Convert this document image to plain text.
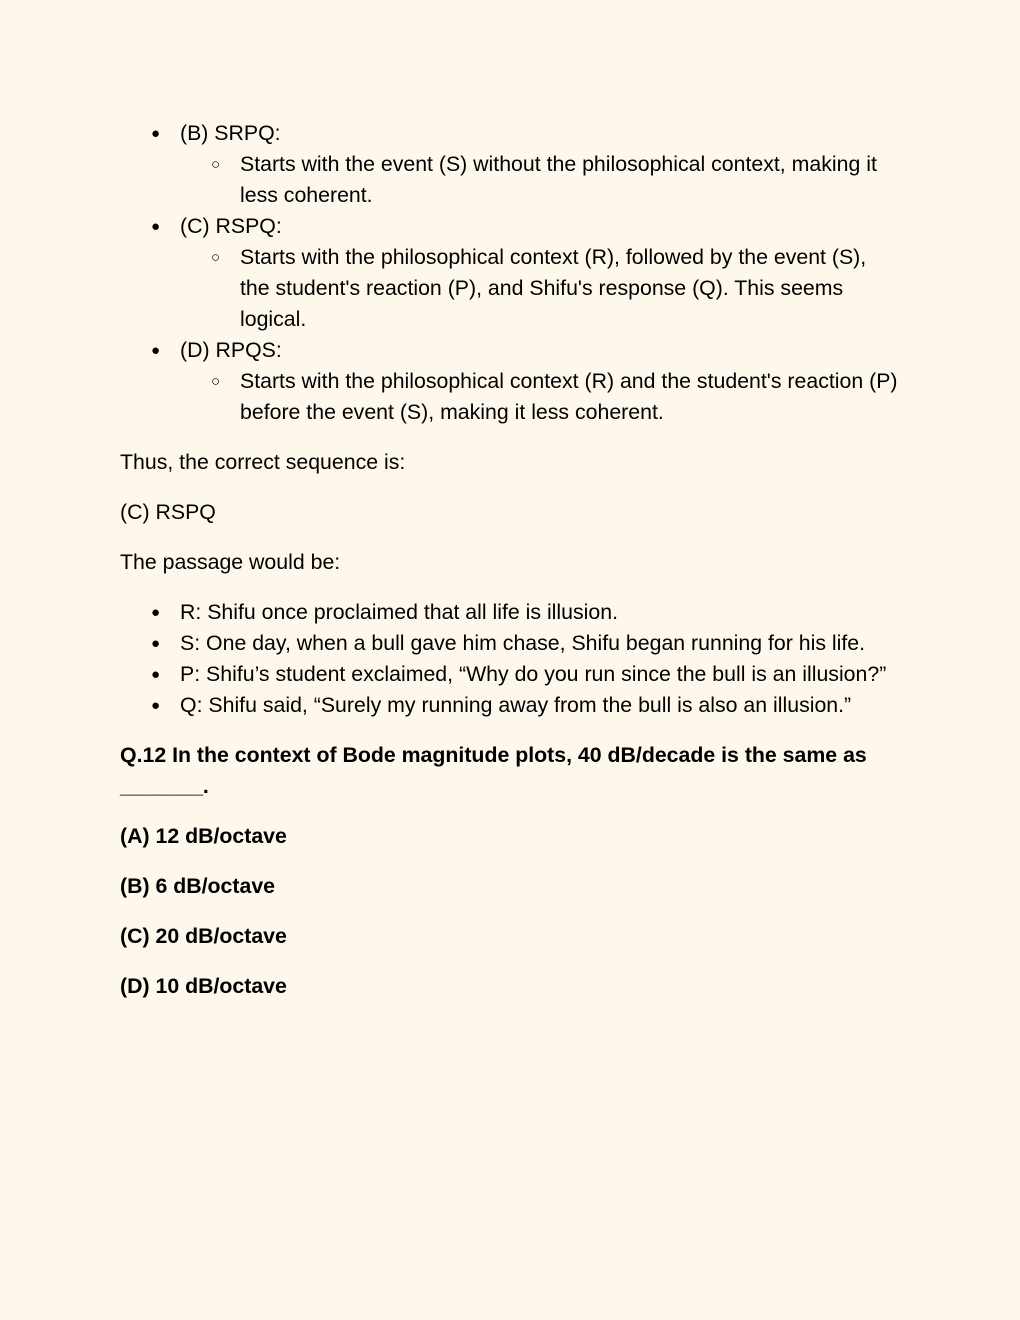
● (B) SRPQ:
○ Starts with the event (S) without the philosophical context, making it less coherent.
● (C) RSPQ:
○ Starts with the philosophical context (R), followed by the event (S), the student's reaction (P), and Shifu's response (Q). This seems logical.
● (D) RPQS:
○ Starts with the philosophical context (R) and the student's reaction (P) before the event (S), making it less coherent.

Thus, the correct sequence is:

(C) RSPQ

The passage would be:

● R: Shifu once proclaimed that all life is illusion.
● S: One day, when a bull gave him chase, Shifu began running for his life.
● P: Shifu’s student exclaimed, “Why do you run since the bull is an illusion?”
● Q: Shifu said, “Surely my running away from the bull is also an illusion.”

Q.12 In the context of Bode magnitude plots, 40 dB/decade is the same as _______.

(A) 12 dB/octave

(B) 6 dB/octave

(C) 20 dB/octave

(D) 10 dB/octave
